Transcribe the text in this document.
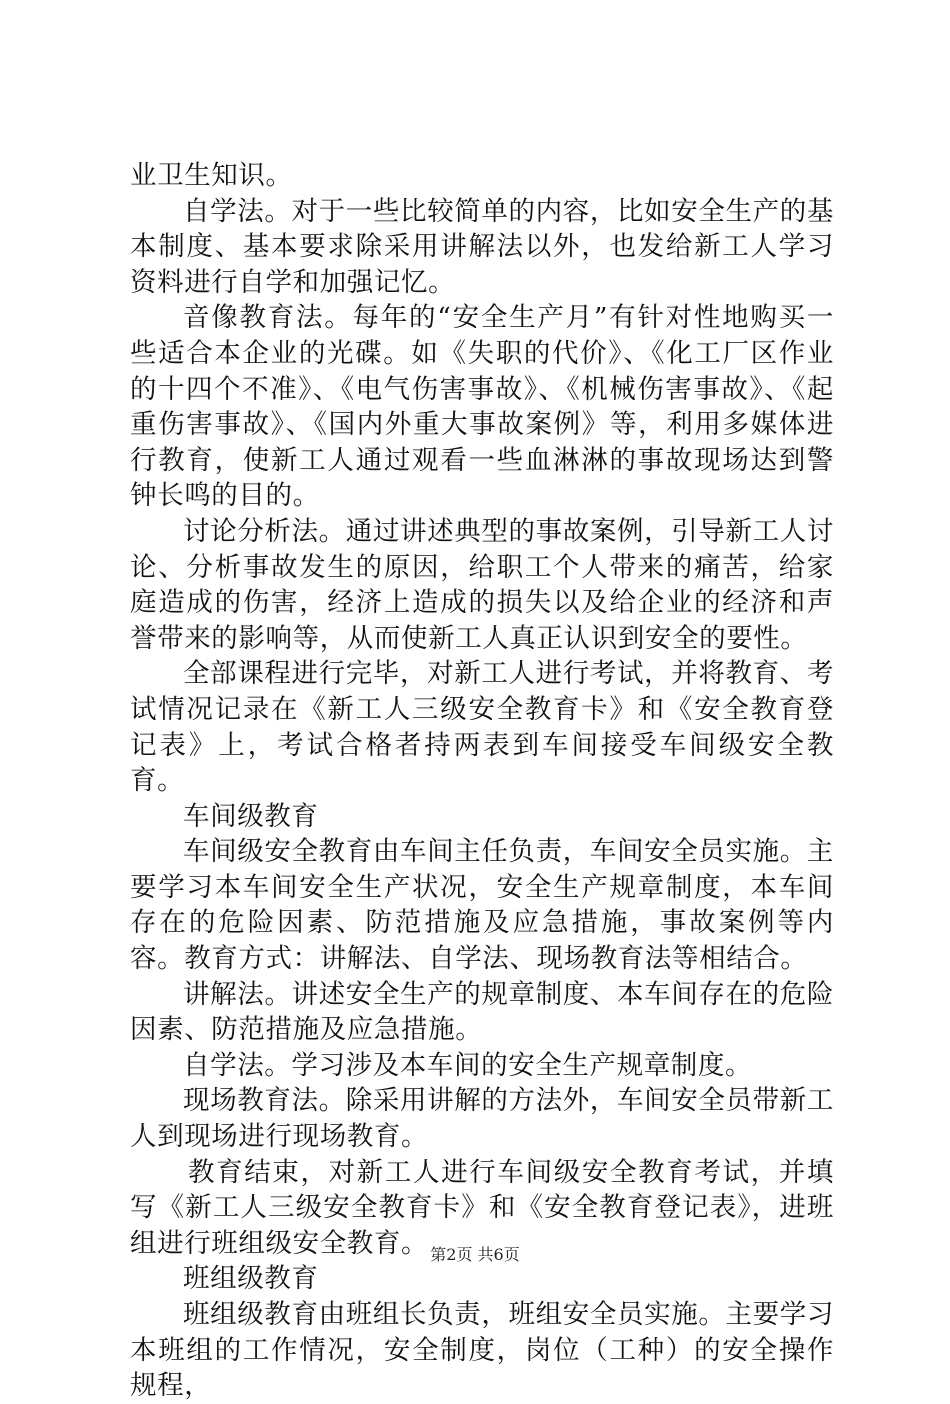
业卫生知识。

自学法。对于一些比较简单的内容，比如安全生产的基本制度、基本要求除采用讲解法以外，也发给新工人学习资料进行自学和加强记忆。

音像教育法。每年的“安全生产月”有针对性地购买一些适合本企业的光碟。如《失职的代价》、《化工厂区作业的十四个不准》、《电气伤害事故》、《机械伤害事故》、《起重伤害事故》、《国内外重大事故案例》等，利用多媒体进行教育，使新工人通过观看一些血淋淋的事故现场达到警钟长鸣的目的。

讨论分析法。通过讲述典型的事故案例，引导新工人讨论、分析事故发生的原因，给职工个人带来的痛苦，给家庭造成的伤害，经济上造成的损失以及给企业的经济和声誉带来的影响等，从而使新工人真正认识到安全的要性。

全部课程进行完毕，对新工人进行考试，并将教育、考试情况记录在《新工人三级安全教育卡》和《安全教育登记表》上，考试合格者持两表到车间接受车间级安全教育。

车间级教育

车间级安全教育由车间主任负责，车间安全员实施。主要学习本车间安全生产状况，安全生产规章制度，本车间存在的危险因素、防范措施及应急措施，事故案例等内容。教育方式：讲解法、自学法、现场教育法等相结合。

讲解法。讲述安全生产的规章制度、本车间存在的危险因素、防范措施及应急措施。

自学法。学习涉及本车间的安全生产规章制度。

现场教育法。除采用讲解的方法外，车间安全员带新工人到现场进行现场教育。

教育结束，对新工人进行车间级安全教育考试，并填写《新工人三级安全教育卡》和《安全教育登记表》，进班组进行班组级安全教育。

班组级教育

班组级教育由班组长负责，班组安全员实施。主要学习本班组的工作情况，安全制度，岗位（工种）的安全操作规程，

第2页 共6页
